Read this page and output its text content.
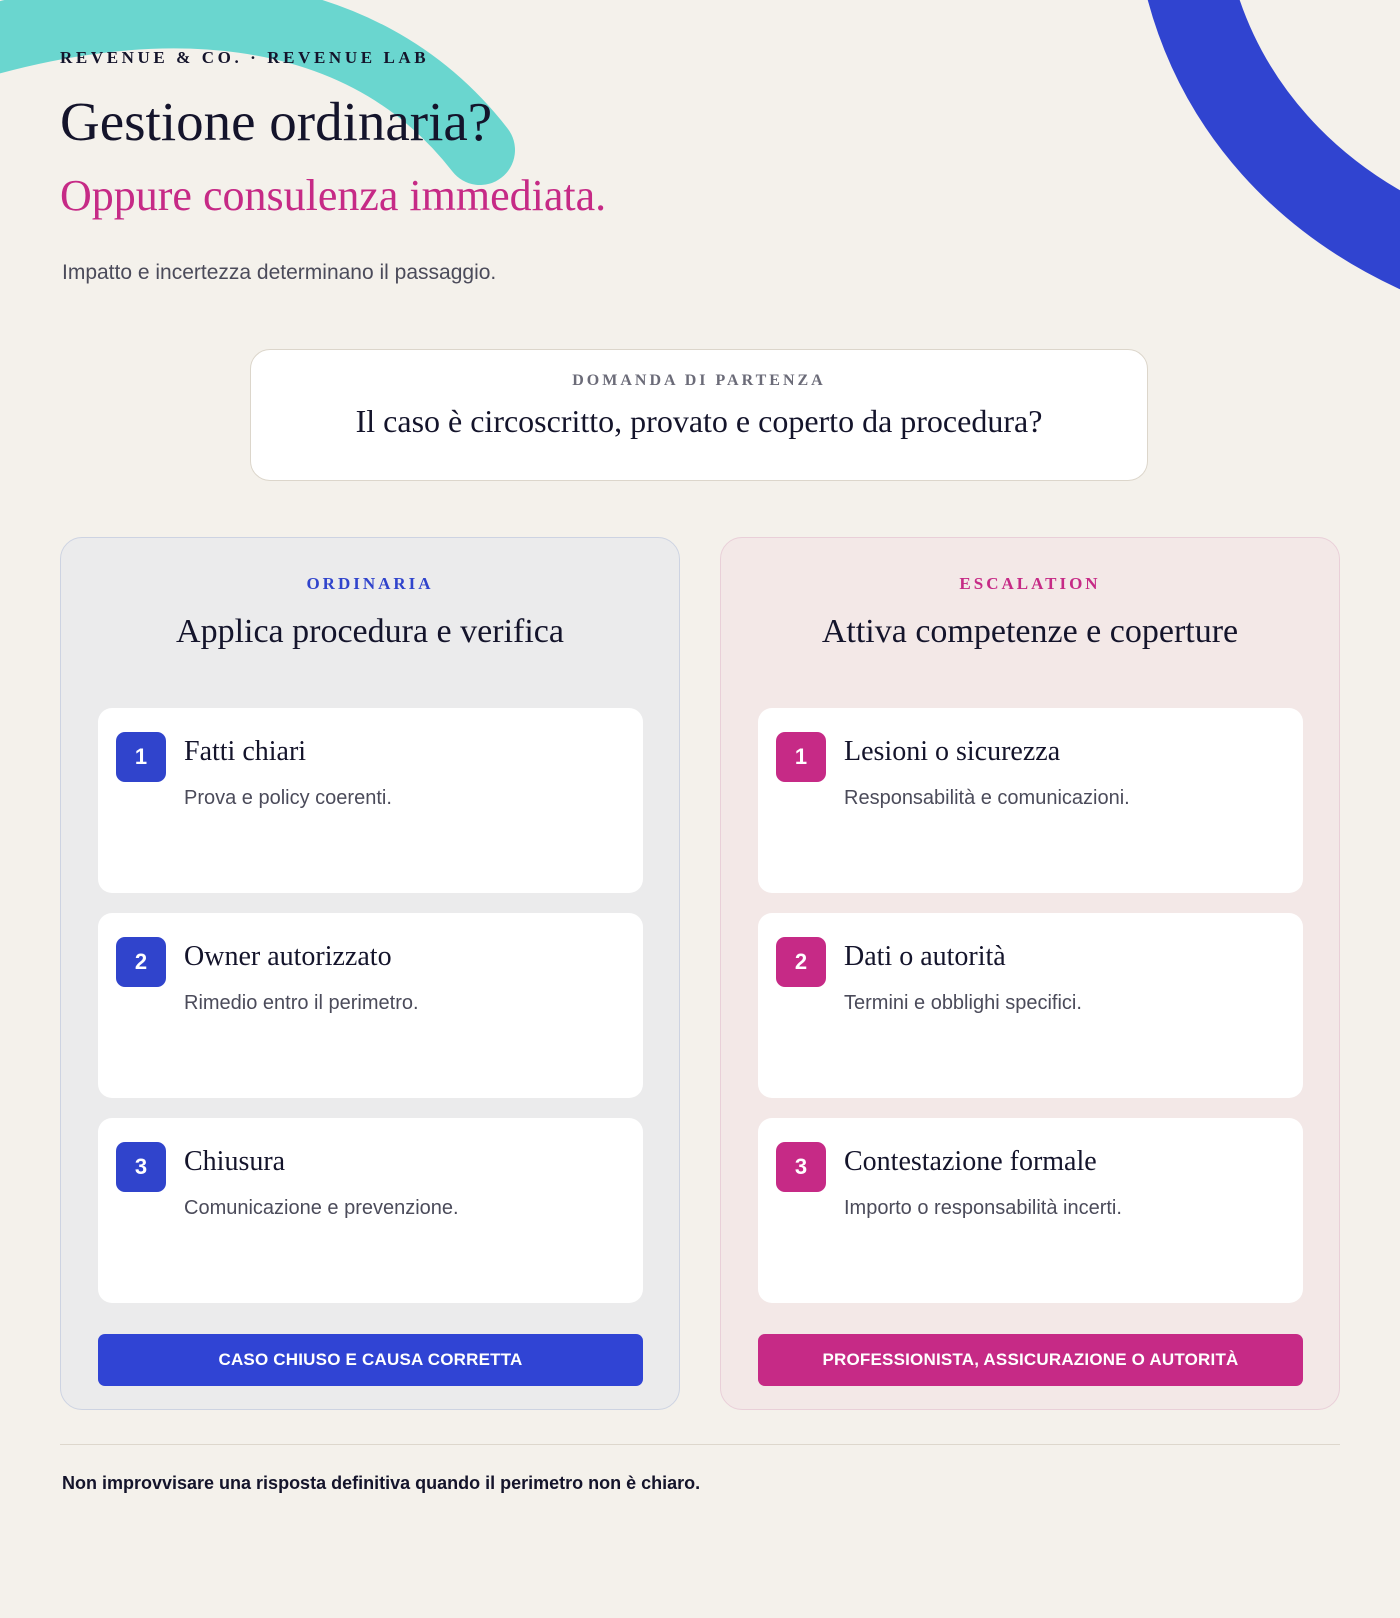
REVENUE & CO. · REVENUE LAB
Gestione ordinaria?
Oppure consulenza immediata.

Impatto e incertezza determinano il passaggio.

DOMANDA DI PARTENZA
Il caso è circoscritto, provato e coperto da procedura?
ORDINARIA
Applica procedura e verifica
1	Fatti chiari
Prova e policy coerenti.
2	Owner autorizzato
Rimedio entro il perimetro.
3	Chiusura
Comunicazione e prevenzione.
CASO CHIUSO E CAUSA CORRETTA
ESCALATION
Attiva competenze e coperture
1	Lesioni o sicurezza
Responsabilità e comunicazioni.
2	Dati o autorità
Termini e obblighi specifici.
3	Contestazione formale
Importo o responsabilità incerti.
PROFESSIONISTA, ASSICURAZIONE O AUTORITÀ

Non improvvisare una risposta definitiva quando il perimetro non è chiaro.
